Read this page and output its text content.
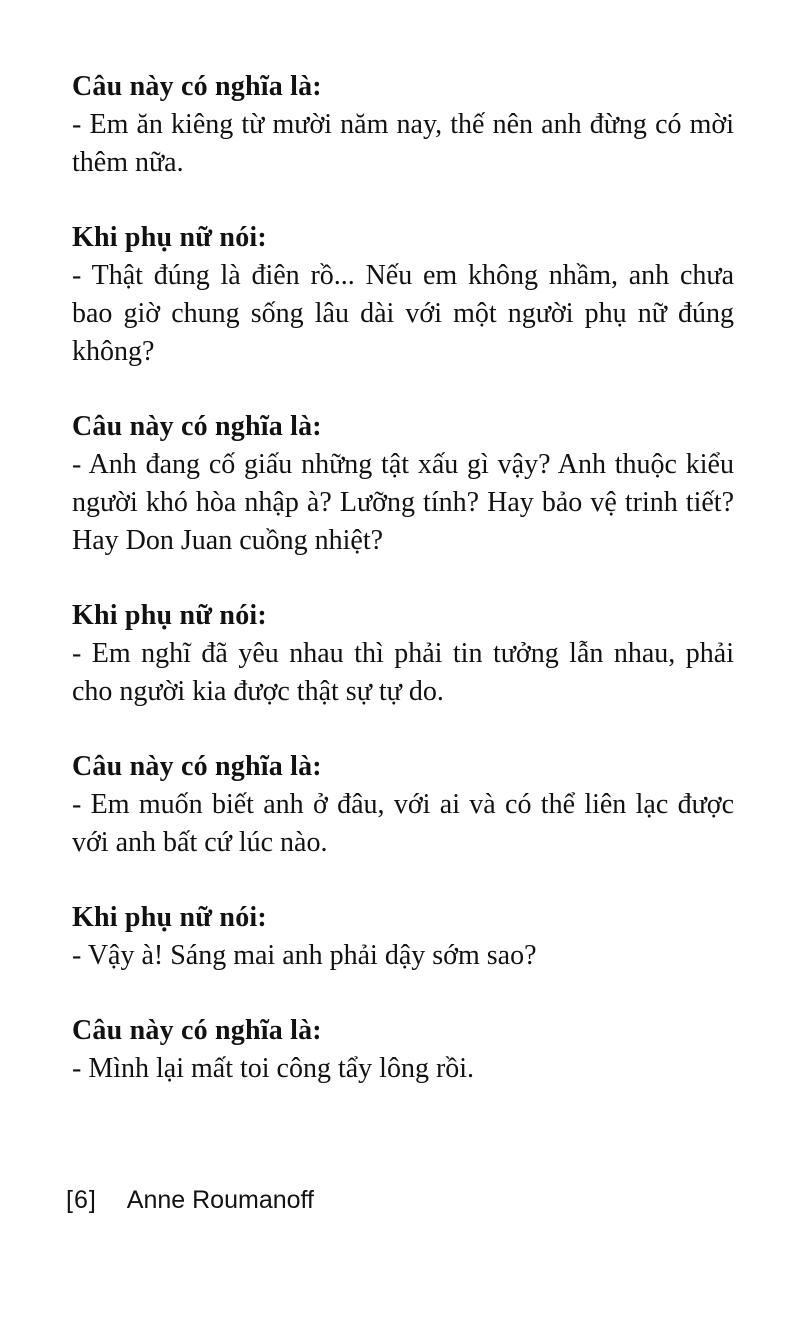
Câu này có nghĩa là:
- Em ăn kiêng từ mười năm nay, thế nên anh đừng có mời thêm nữa.
Khi phụ nữ nói:
- Thật đúng là điên rồ... Nếu em không nhầm, anh chưa bao giờ chung sống lâu dài với một người phụ nữ đúng không?
Câu này có nghĩa là:
- Anh đang cố giấu những tật xấu gì vậy? Anh thuộc kiểu người khó hòa nhập à? Lưỡng tính? Hay bảo vệ trinh tiết? Hay Don Juan cuồng nhiệt?
Khi phụ nữ nói:
- Em nghĩ đã yêu nhau thì phải tin tưởng lẫn nhau, phải cho người kia được thật sự tự do.
Câu này có nghĩa là:
- Em muốn biết anh ở đâu, với ai và có thể liên lạc được với anh bất cứ lúc nào.
Khi phụ nữ nói:
- Vậy à! Sáng mai anh phải dậy sớm sao?
Câu này có nghĩa là:
- Mình lại mất toi công tẩy lông rồi.
[6] Anne Roumanoff
